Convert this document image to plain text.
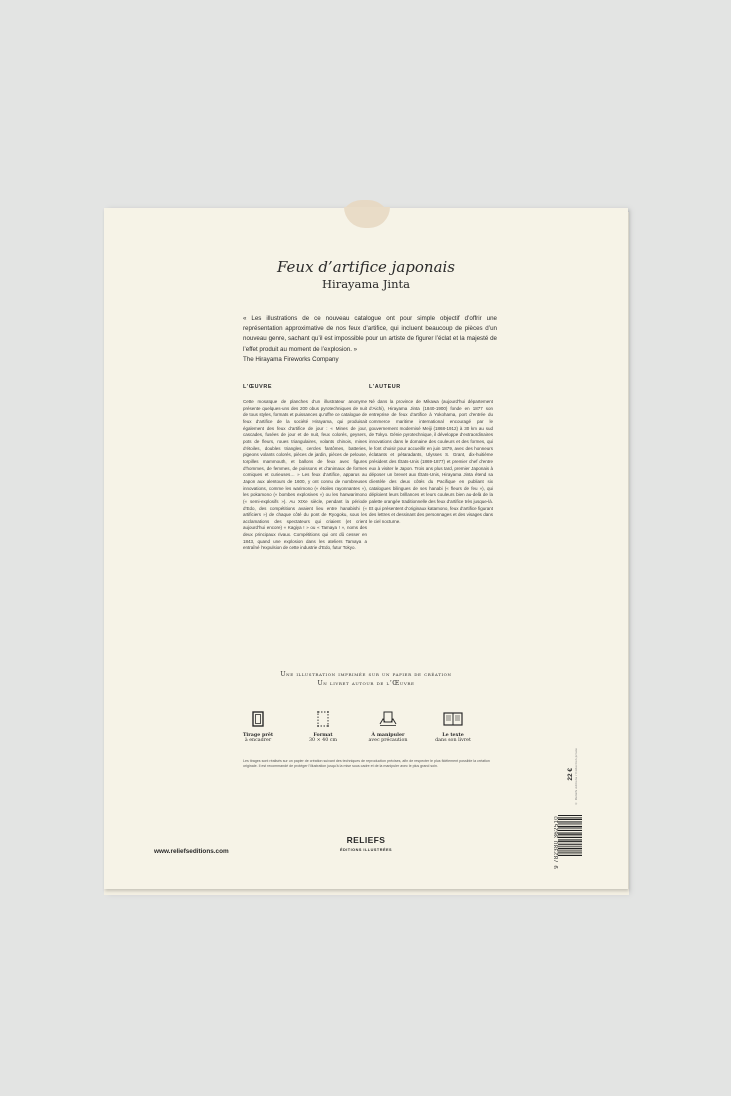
Feux d’artifice japonais
Hirayama Jinta
« Les illustrations de ce nouveau catalogue ont pour simple objectif d’offrir une représentation approximative de nos feux d’artifice, qui incluent beaucoup de pièces d’un nouveau genre, sachant qu’il est impossible pour un artiste de figurer l’éclat et la majesté de l’effet produit au moment de l’explosion. »
The Hirayama Fireworks Company
L’ŒUVRE

Cette mosaïque de planches d’un illustrateur anonyme présente quelques-uns des 200 obus pyrotechniques de nuit de tous styles, formats et puissances qu’offre ce catalogue de feux d’artifice de la société Hirayama, qui produisait également des feux d’artifice de jour : « Mines de jour, cascades, fusées de jour et de nuit, feux colorés, geysers, pots de fleurs, roues triangulaires, volants chinois, mines d’étoiles, doubles triangles, cercles fantômes, batteries, pigeons volants colorés, pièces de jardin, pièces de pelouse, torpilles mammouth, et ballons de feux avec figures d’hommes, de femmes, de poissons et d’animaux de formes comiques et curieuses… » Les feux d’artifice, apparus au Japon aux alentours de 1600, y ont connu de nombreuses innovations, comme les warimono (« étoiles rayonnantes »), les pokamono (« bombes explosives ») ou les hanwarimono (« semi-explosifs »). Au XIXe siècle, pendant la période d’Edo, des compétitions avaient lieu entre hanabishi (« artificiers ») de chaque côté du pont de Ryogoku, sous les acclamations des spectateurs qui criaient (et crient aujourd’hui encore) « Kagiya ! » ou « Tamaya ! », noms des deux principaux rivaux. Compétitions qui ont dû cesser en 1843, quand une explosion dans les ateliers Tamaya a entraîné l’expulsion de cette industrie d’Edo, futur Tokyo.

L’AUTEUR

Né dans la province de Mikawa (aujourd’hui département d’Aichi), Hirayama Jinta (1840-1900) fonde en 1877 son entreprise de feux d’artifice à Yokohama, port d’entrée du commerce maritime international encouragé par le gouvernement modernisé Meiji (1868-1912) à 30 km au sud de Tokyo. Génie pyrotechnique, il développe d’extraordinaires innovations dans le domaine des couleurs et des formes, qui le font choisir pour accueillir en juin 1879, avec des honneurs éclatants et pétaradants, Ulysses S. Grant, dix-huitième président des États-Unis (1869-1877) et premier chef d’entre eux à visiter le Japon. Trois ans plus tard, premier Japonais à déposer un brevet aux États-Unis, Hirayama Jinta étend sa clientèle des deux côtés du Pacifique en publiant six catalogues bilingues de ses hanabi (« fleurs de feu »), qui déploient leurs brillances et leurs couleurs bien au-delà de la palette orangée traditionnelle des feux d’artifice très jusque-là. Et qui présentent d’originaux katamono, feux d’artifice figurant des lettres et dessinant des personnages et des visages dans le ciel nocturne.

Une illustration imprimée sur un papier de création
Un livret autour de l’Œuvre
Tirage prêt
à encadrer
Format
30 × 40 cm
À manipuler
avec précaution
Le texte
dans son livret
Les tirages sont réalisés sur un papier de création suivant des techniques de reproduction précises, afin de respecter le plus fidèlement possible la création originale. Il est recommandé de protéger l’illustration jusqu’à la mise sous cadre et de la manipuler avec le plus grand soin.	© Reliefs éditions / Collection privée
22 €
9 782380 362510
www.reliefseditions.com
RELIEFS
ÉDITIONS ILLUSTRÉES
